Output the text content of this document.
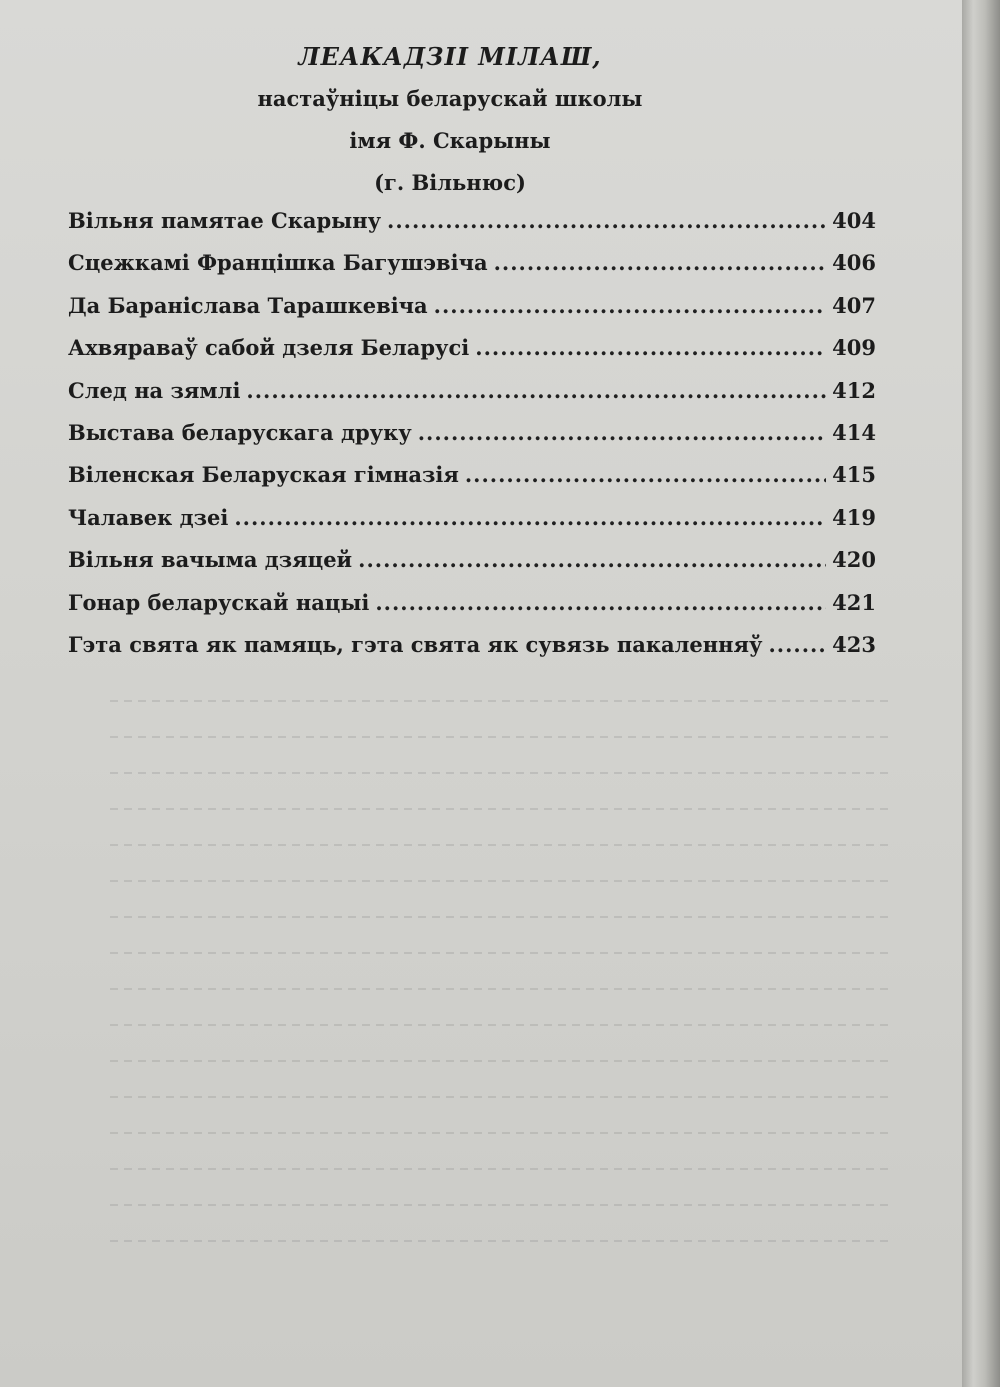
ЛЕАКАДЗІІ МІЛАШ,
настаўніцы беларускай школы
імя Ф. Скарыны
(г. Вільнюс)
Вільня памятае Скарыну .....	404
Сцежкамі Францішка Багушэвіча .....	406
Да Бараніслава Тарашкевіча .....	407
Ахвяраваў сабой дзеля Беларусі .....	409
След на зямлі .....	412
Выстава беларускага друку .....	414
Віленская Беларуская гімназія .....	415
Чалавек дзеі .....	419
Вільня вачыма дзяцей .....	420
Гонар беларускай нацыі .....	421
Гэта свята як памяць, гэта свята як сувязь пакаленняў .....	423
